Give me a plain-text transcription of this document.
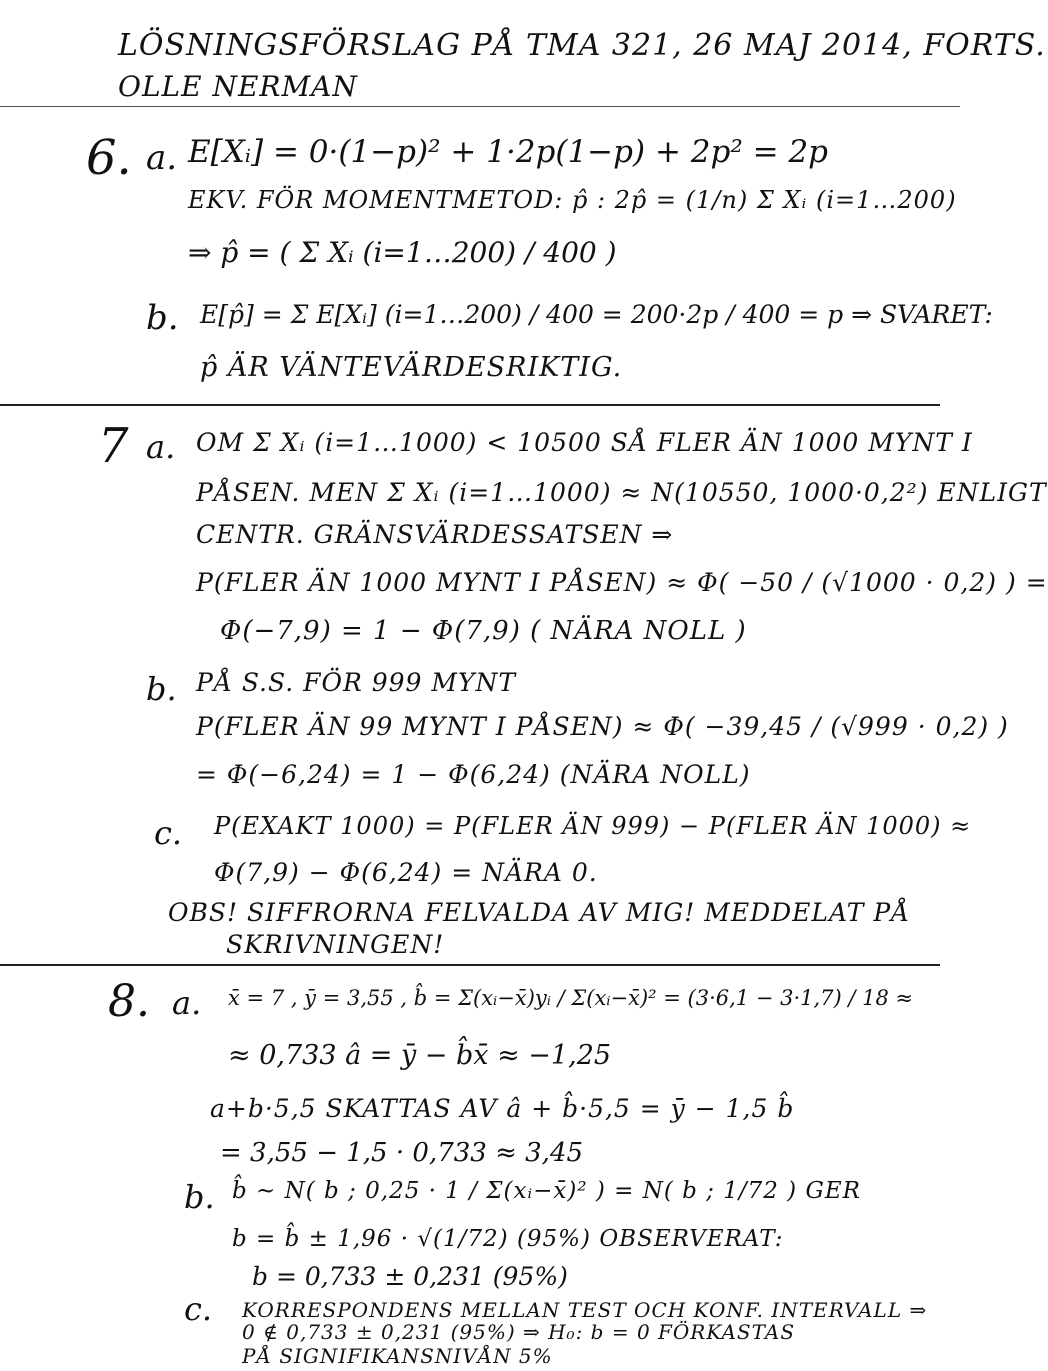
LÖSNINGSFÖRSLAG PÅ TMA 321, 26 MAJ 2014, FORTS.
OLLE NERMAN
6. a. E[Xᵢ] = 0·(1−p)² + 1·2p(1−p) + 2p² = 2p
EKV. FÖR MOMENTMETOD: p̂ : 2p̂ = (1/n) Σ Xᵢ (i=1…200)
⇒ p̂ = ( Σ Xᵢ (i=1…200) / 400 )
b. E[p̂] = Σ E[Xᵢ] (i=1…200) / 400 = 200·2p / 400 = p ⇒ SVARET:
p̂ ÄR VÄNTEVÄRDESRIKTIG.
7 a. OM Σ Xᵢ (i=1…1000) < 10500 SÅ FLER ÄN 1000 MYNT I
PÅSEN. MEN Σ Xᵢ (i=1…1000) ≈ N(10550, 1000·0,2²) ENLIGT
CENTR. GRÄNSVÄRDESSATSEN ⇒
P(FLER ÄN 1000 MYNT I PÅSEN) ≈ Φ( −50 / (√1000 · 0,2) ) =
Φ(−7,9) = 1 − Φ(7,9) ( NÄRA NOLL )
b. PÅ S.S. FÖR 999 MYNT
P(FLER ÄN 99 MYNT I PÅSEN) ≈ Φ( −39,45 / (√999 · 0,2) )
= Φ(−6,24) = 1 − Φ(6,24) (NÄRA NOLL)
c. P(EXAKT 1000) = P(FLER ÄN 999) − P(FLER ÄN 1000) ≈
Φ(7,9) − Φ(6,24) = NÄRA 0.
OBS! SIFFRORNA FELVALDA AV MIG! MEDDELAT PÅ
SKRIVNINGEN!
8. a. x̄ = 7 , ȳ = 3,55 , b̂ = Σ(xᵢ−x̄)yᵢ / Σ(xᵢ−x̄)² = (3·6,1 − 3·1,7) / 18 ≈
≈ 0,733 â = ȳ − b̂x̄ ≈ −1,25
a+b·5,5 SKATTAS AV â + b̂·5,5 = ȳ − 1,5 b̂
= 3,55 − 1,5 · 0,733 ≈ 3,45
b. b̂ ~ N( b ; 0,25 · 1 / Σ(xᵢ−x̄)² ) = N( b ; 1/72 ) GER
b = b̂ ± 1,96 · √(1/72) (95%) OBSERVERAT:
b = 0,733 ± 0,231 (95%)
c. KORRESPONDENS MELLAN TEST OCH KONF. INTERVALL ⇒
0 ∉ 0,733 ± 0,231 (95%) ⇒ H₀: b = 0 FÖRKASTAS
PÅ SIGNIFIKANSNIVÅN 5%
